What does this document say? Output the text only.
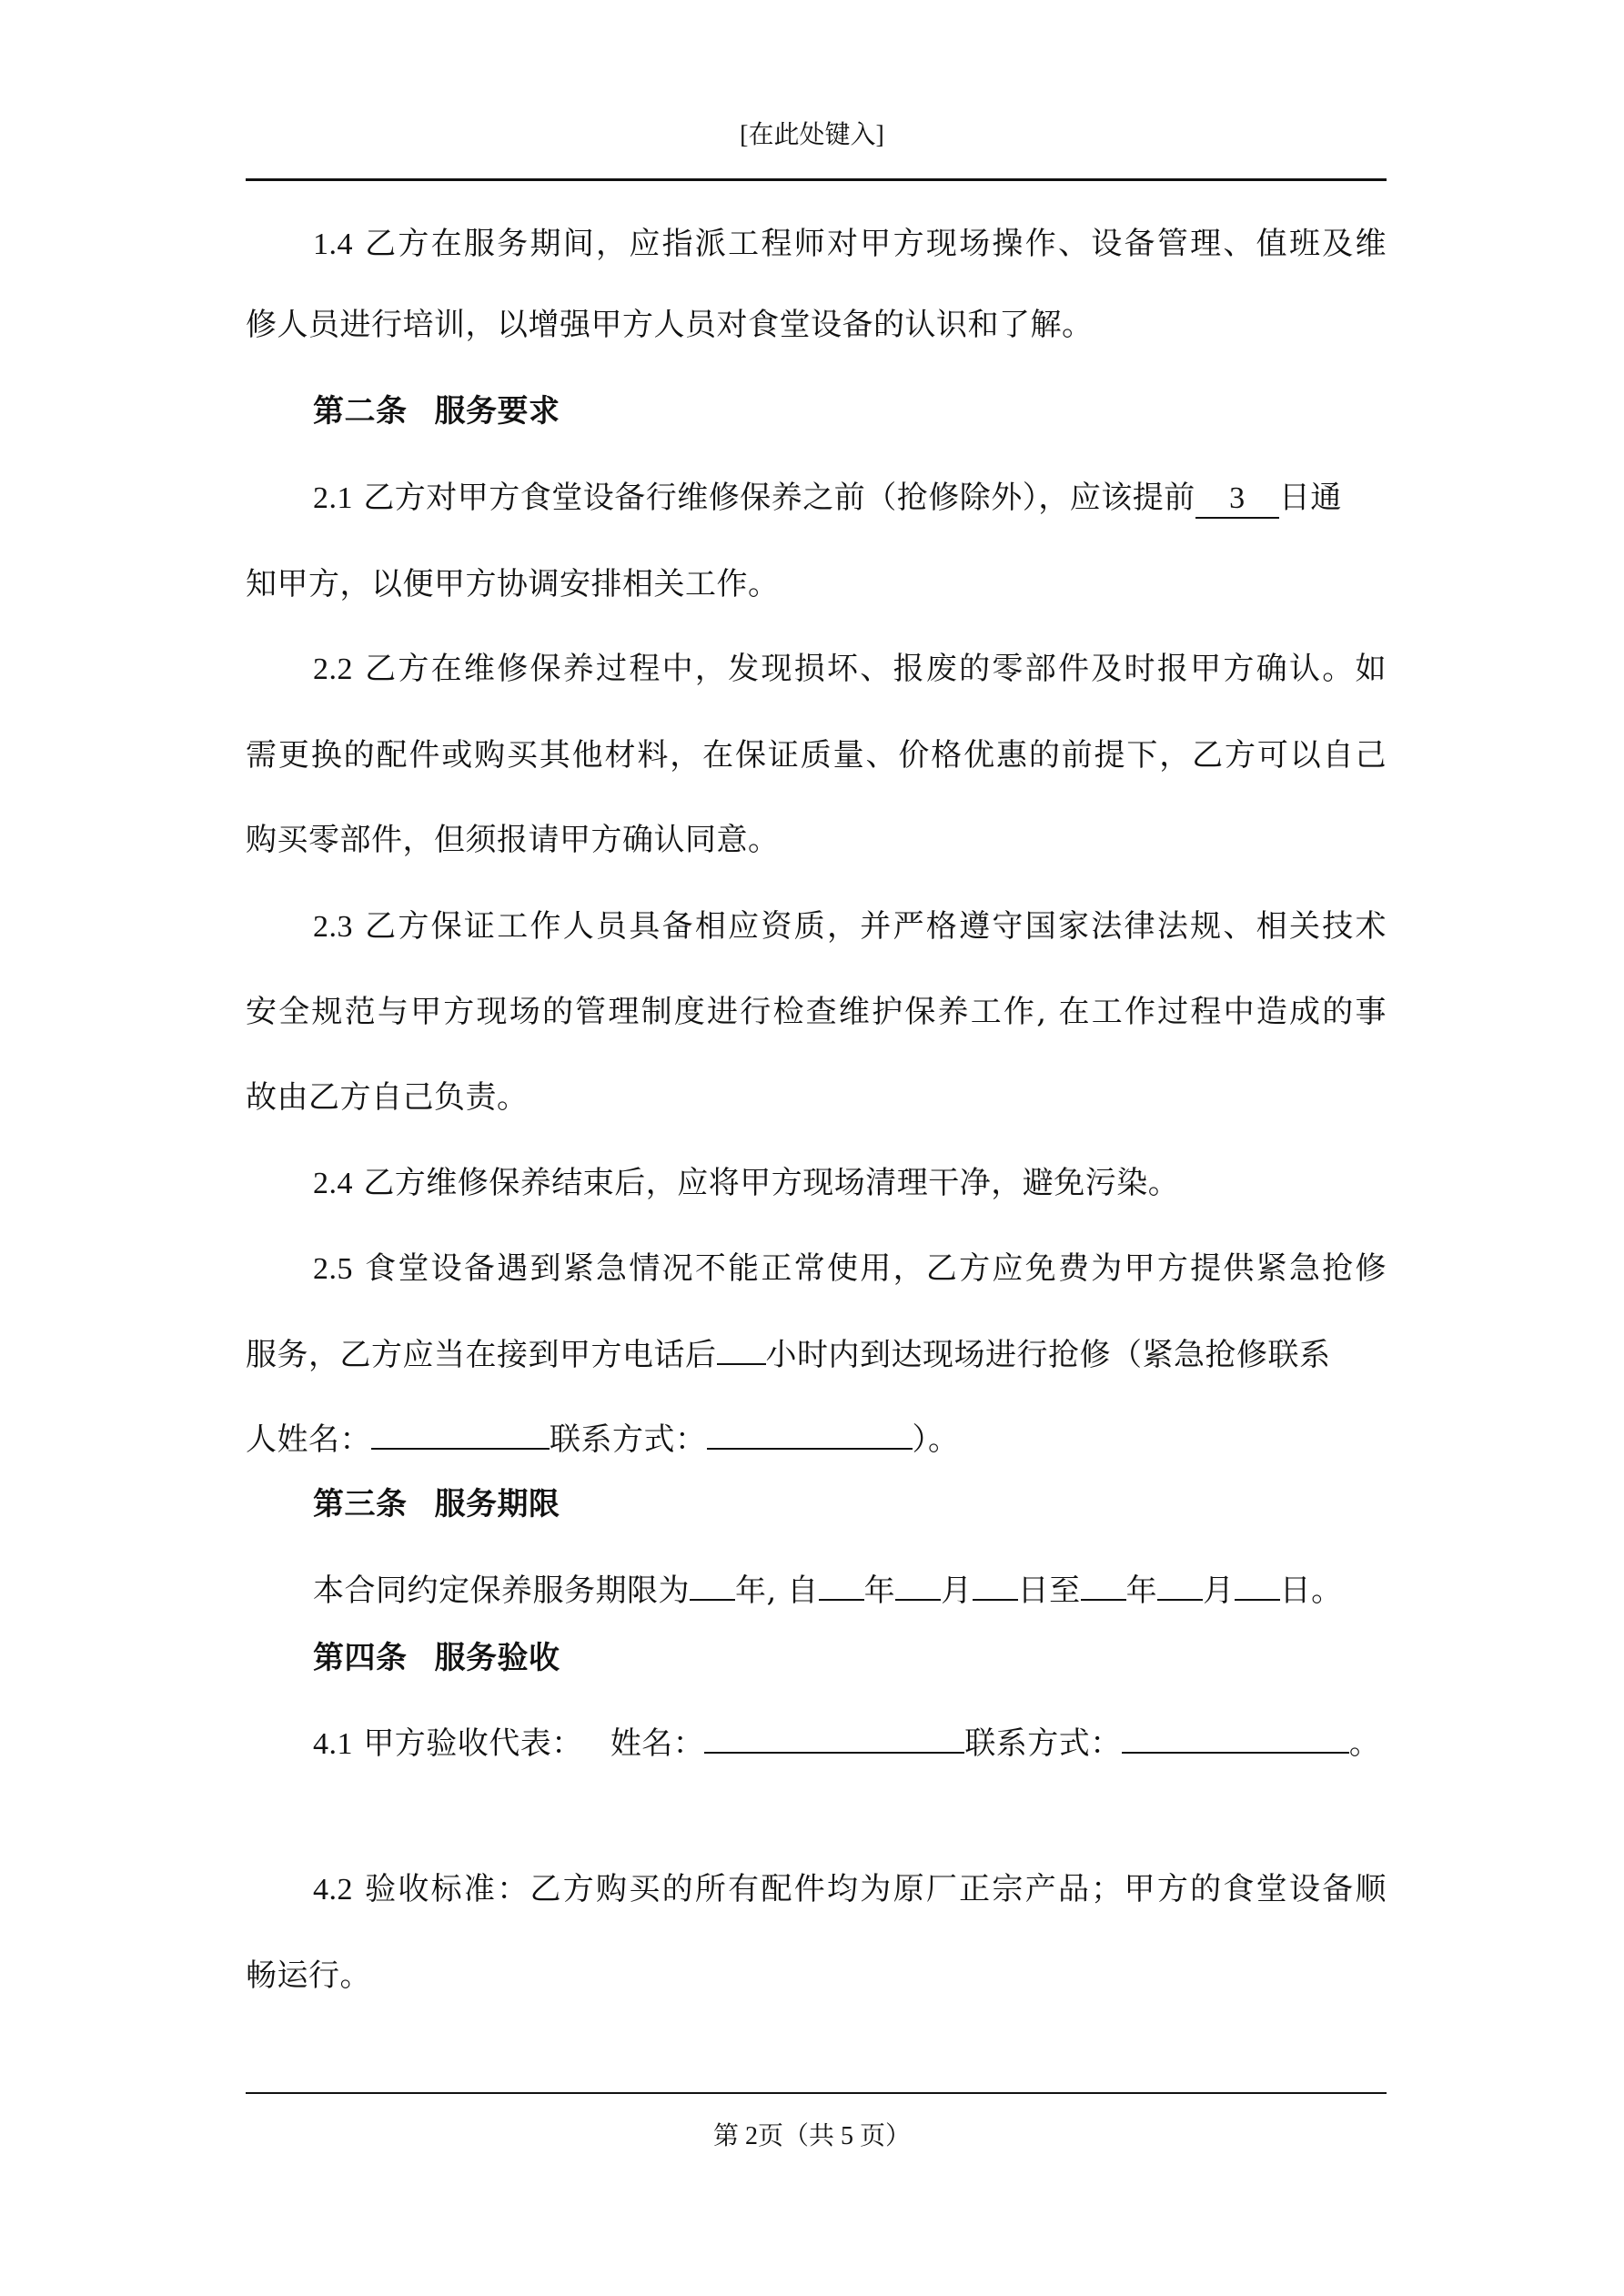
[在此处键入]
1.4 乙方在服务期间，应指派工程师对甲方现场操作、设备管理、值班及维
修人员进行培训，以增强甲方人员对食堂设备的认识和了解。
第二条 服务要求
2.1 乙方对甲方食堂设备行维修保养之前（抢修除外），应该提前 3 日通
知甲方，以便甲方协调安排相关工作。
2.2 乙方在维修保养过程中，发现损坏、报废的零部件及时报甲方确认。如
需更换的配件或购买其他材料，在保证质量、价格优惠的前提下，乙方可以自己
购买零部件，但须报请甲方确认同意。
2.3 乙方保证工作人员具备相应资质，并严格遵守国家法律法规、相关技术
安全规范与甲方现场的管理制度进行检查维护保养工作, 在工作过程中造成的事
故由乙方自己负责。
2.4 乙方维修保养结束后，应将甲方现场清理干净，避免污染。
2.5 食堂设备遇到紧急情况不能正常使用，乙方应免费为甲方提供紧急抢修
服务，乙方应当在接到甲方电话后 小时内到达现场进行抢修（紧急抢修联系
人姓名：	联系方式：	）。
第三条 服务期限
本合同约定保养服务期限为 年, 自 年 月 日至 年 月 日。
第四条 服务验收
4.1 甲方验收代表： 姓名：	联系方式：	。
4.2 验收标准：乙方购买的所有配件均为原厂正宗产品；甲方的食堂设备顺
畅运行。
第 2页（共 5 页）
